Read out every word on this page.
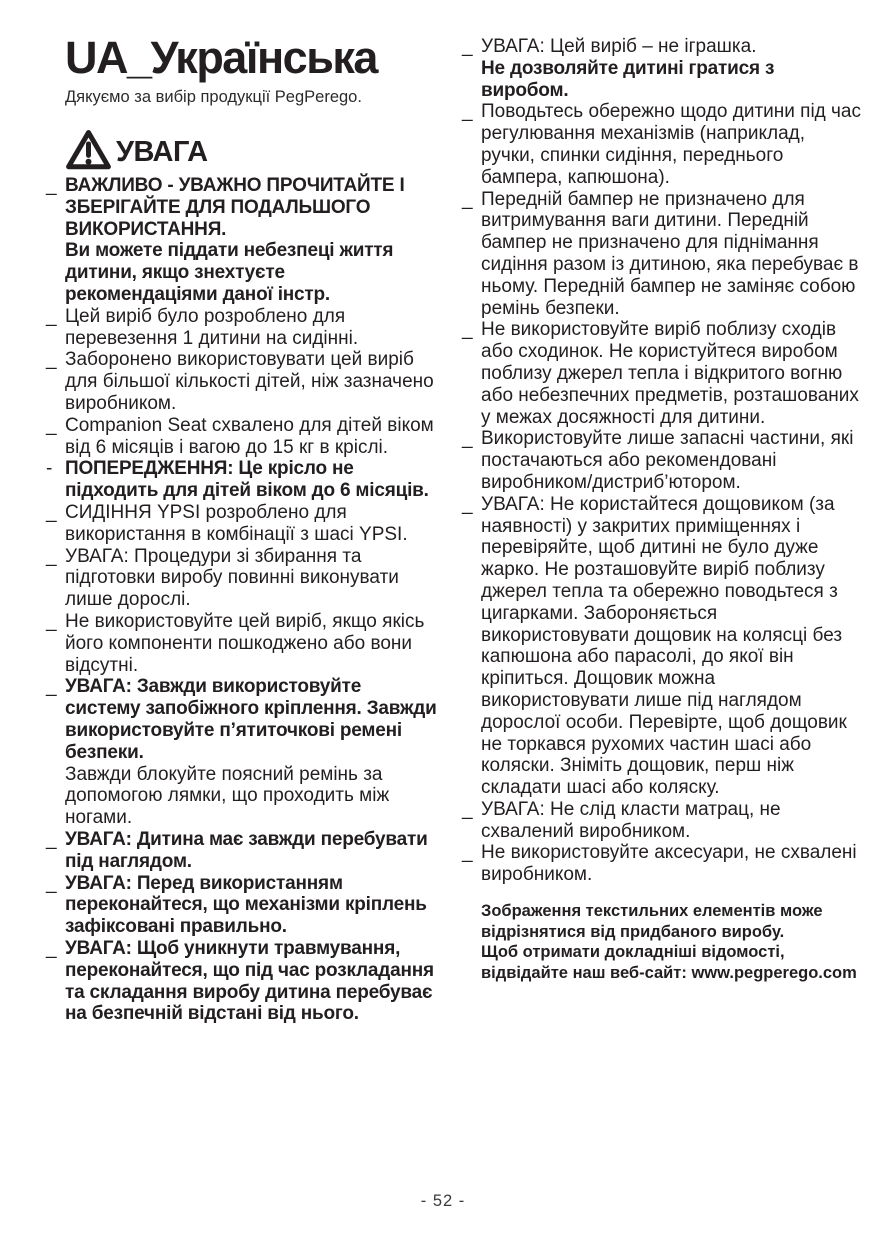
UA_Українська

Дякуємо за вибір продукції PegPerego.

УВАГА
_ ВАЖЛИВО - УВАЖНО ПРОЧИТАЙТЕ І ЗБЕРІГАЙТЕ ДЛЯ ПОДАЛЬШОГО ВИКОРИСТАННЯ.
Ви можете піддати небезпеці життя дитини, якщо знехтуєте рекомендаціями даної інстр.
_ Цей виріб було розроблено для перевезення 1 дитини на сидінні.
_ Заборонено використовувати цей виріб для більшої кількості дітей, ніж зазначено виробником.
_ Companion Seat схвалено для дітей віком від 6 місяців і вагою до 15 кг в кріслі.
- ПОПЕРЕДЖЕННЯ: Це крісло не підходить для дітей віком до 6 місяців.
_ СИДІННЯ YPSI розроблено для використання в комбінації з шасі YPSI.
_ УВАГА: Процедури зі збирання та підготовки виробу повинні виконувати лише дорослі.
_ Не використовуйте цей виріб, якщо якісь його компоненти пошкоджено або вони відсутні.
_ УВАГА: Завжди використовуйте систему запобіжного кріплення. Завжди використовуйте п’ятиточкові ремені безпеки.
Завжди блокуйте поясний ремінь за допомогою лямки, що проходить між ногами.
_ УВАГА: Дитина має завжди перебувати під наглядом.
_ УВАГА: Перед використанням переконайтеся, що механізми кріплень зафіксовані правильно.
_ УВАГА: Щоб уникнути травмування, переконайтеся, що під час розкладання та складання виробу дитина перебуває на безпечній відстані від нього.
_ УВАГА: Цей виріб – не іграшка.
Не дозволяйте дитині гратися з виробом.
_ Поводьтесь обережно щодо дитини під час регулювання механізмів (наприклад, ручки, спинки сидіння, переднього бампера, капюшона).
_ Передній бампер не призначено для витримування ваги дитини. Передній бампер не призначено для піднімання сидіння разом із дитиною, яка перебуває в ньому. Передній бампер не заміняє собою ремінь безпеки.
_ Не використовуйте виріб поблизу сходів або сходинок. Не користуйтеся виробом поблизу джерел тепла і відкритого вогню або небезпечних предметів, розташованих у межах досяжності для дитини.
_ Використовуйте лише запасні частини, які постачаються або рекомендовані виробником/дистриб’ютором.
_ УВАГА: Не користайтеся дощовиком (за наявності) у закритих приміщеннях і перевіряйте, щоб дитині не було дуже жарко. Не розташовуйте виріб поблизу джерел тепла та обережно поводьтеся з цигарками. Забороняється використовувати дощовик на колясці без капюшона або парасолі, до якої він кріпиться. Дощовик можна використовувати лише під наглядом дорослої особи. Перевірте, щоб дощовик не торкався рухомих частин шасі або коляски. Зніміть дощовик, перш ніж складати шасі або коляску.
_ УВАГА: Не слід класти матрац, не схвалений виробником.
_ Не використовуйте аксесуари, не схвалені виробником.

Зображення текстильних елементів може відрізнятися від придбаного виробу.

Щоб отримати докладніші відомості, відвідайте наш веб-сайт: www.pegperego.com

- 52 -
